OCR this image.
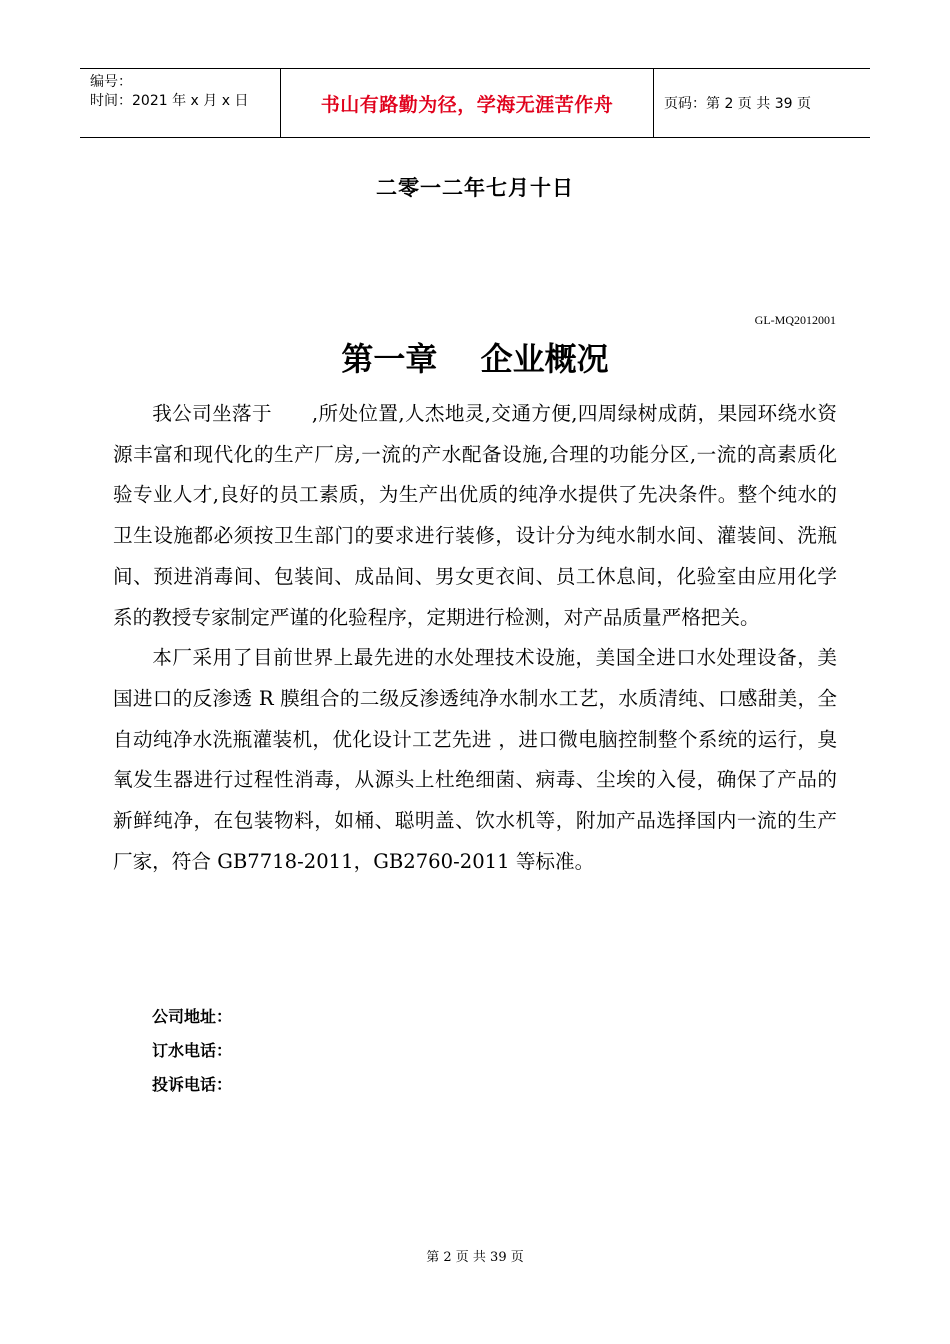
编号：
时间：2021 年 x 月 x 日	书山有路勤为径，学海无涯苦作舟	页码：第 2 页 共 39 页
二零一二年七月十日
GL-MQ2012001
第一章　 企业概况

我公司坐落于　　,所处位置,人杰地灵,交通方便,四周绿树成荫，果园环绕水资源丰富和现代化的生产厂房,一流的产水配备设施,合理的功能分区,一流的高素质化验专业人才,良好的员工素质，为生产出优质的纯净水提供了先决条件。整个纯水的卫生设施都必须按卫生部门的要求进行装修，设计分为纯水制水间、灌装间、洗瓶间、预进消毒间、包装间、成品间、男女更衣间、员工休息间，化验室由应用化学系的教授专家制定严谨的化验程序，定期进行检测，对产品质量严格把关。

本厂采用了目前世界上最先进的水处理技术设施，美国全进口水处理设备，美国进口的反渗透 R 膜组合的二级反渗透纯净水制水工艺，水质清纯、口感甜美，全自动纯净水洗瓶灌装机，优化设计工艺先进 ，进口微电脑控制整个系统的运行，臭氧发生器进行过程性消毒，从源头上杜绝细菌、病毒、尘埃的入侵，确保了产品的新鲜纯净，在包装物料，如桶、聪明盖、饮水机等，附加产品选择国内一流的生产厂家，符合 GB7718-2011，GB2760-2011 等标准。

公司地址：
订水电话：
投诉电话：
第 2 页 共 39 页
